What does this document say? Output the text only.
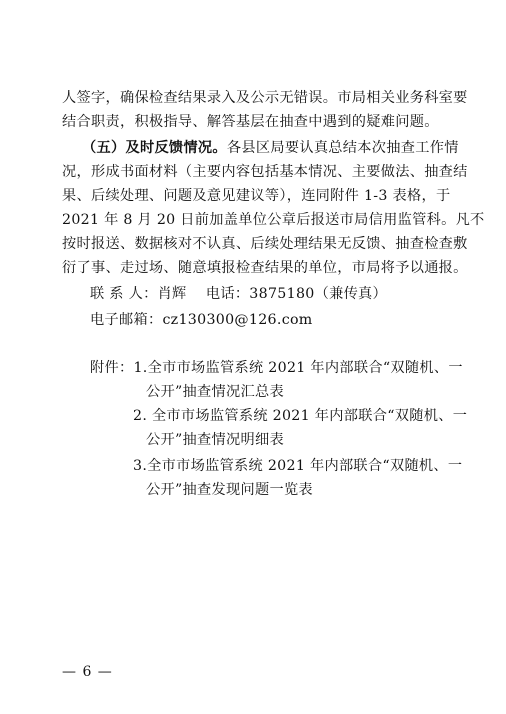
人签字，确保检查结果录入及公示无错误。市局相关业务科室要
结合职责，积极指导、解答基层在抽查中遇到的疑难问题。
（五）及时反馈情况。各县区局要认真总结本次抽查工作情
况，形成书面材料（主要内容包括基本情况、主要做法、抽查结
果、后续处理、问题及意见建议等），连同附件 1-3 表格，于
2021 年 8 月 20 日前加盖单位公章后报送市局信用监管科。凡不
按时报送、数据核对不认真、后续处理结果无反馈、抽查检查敷
衍了事、走过场、随意填报检查结果的单位，市局将予以通报。
联 系 人：肖辉　 电话：3875180（兼传真）
电子邮箱：cz130300@126.com
附件：1.全市市场监管系统 2021 年内部联合“双随机、一
公开”抽查情况汇总表
2. 全市市场监管系统 2021 年内部联合“双随机、一
公开”抽查情况明细表
3.全市市场监管系统 2021 年内部联合“双随机、一
公开”抽查发现问题一览表
— 6 —
